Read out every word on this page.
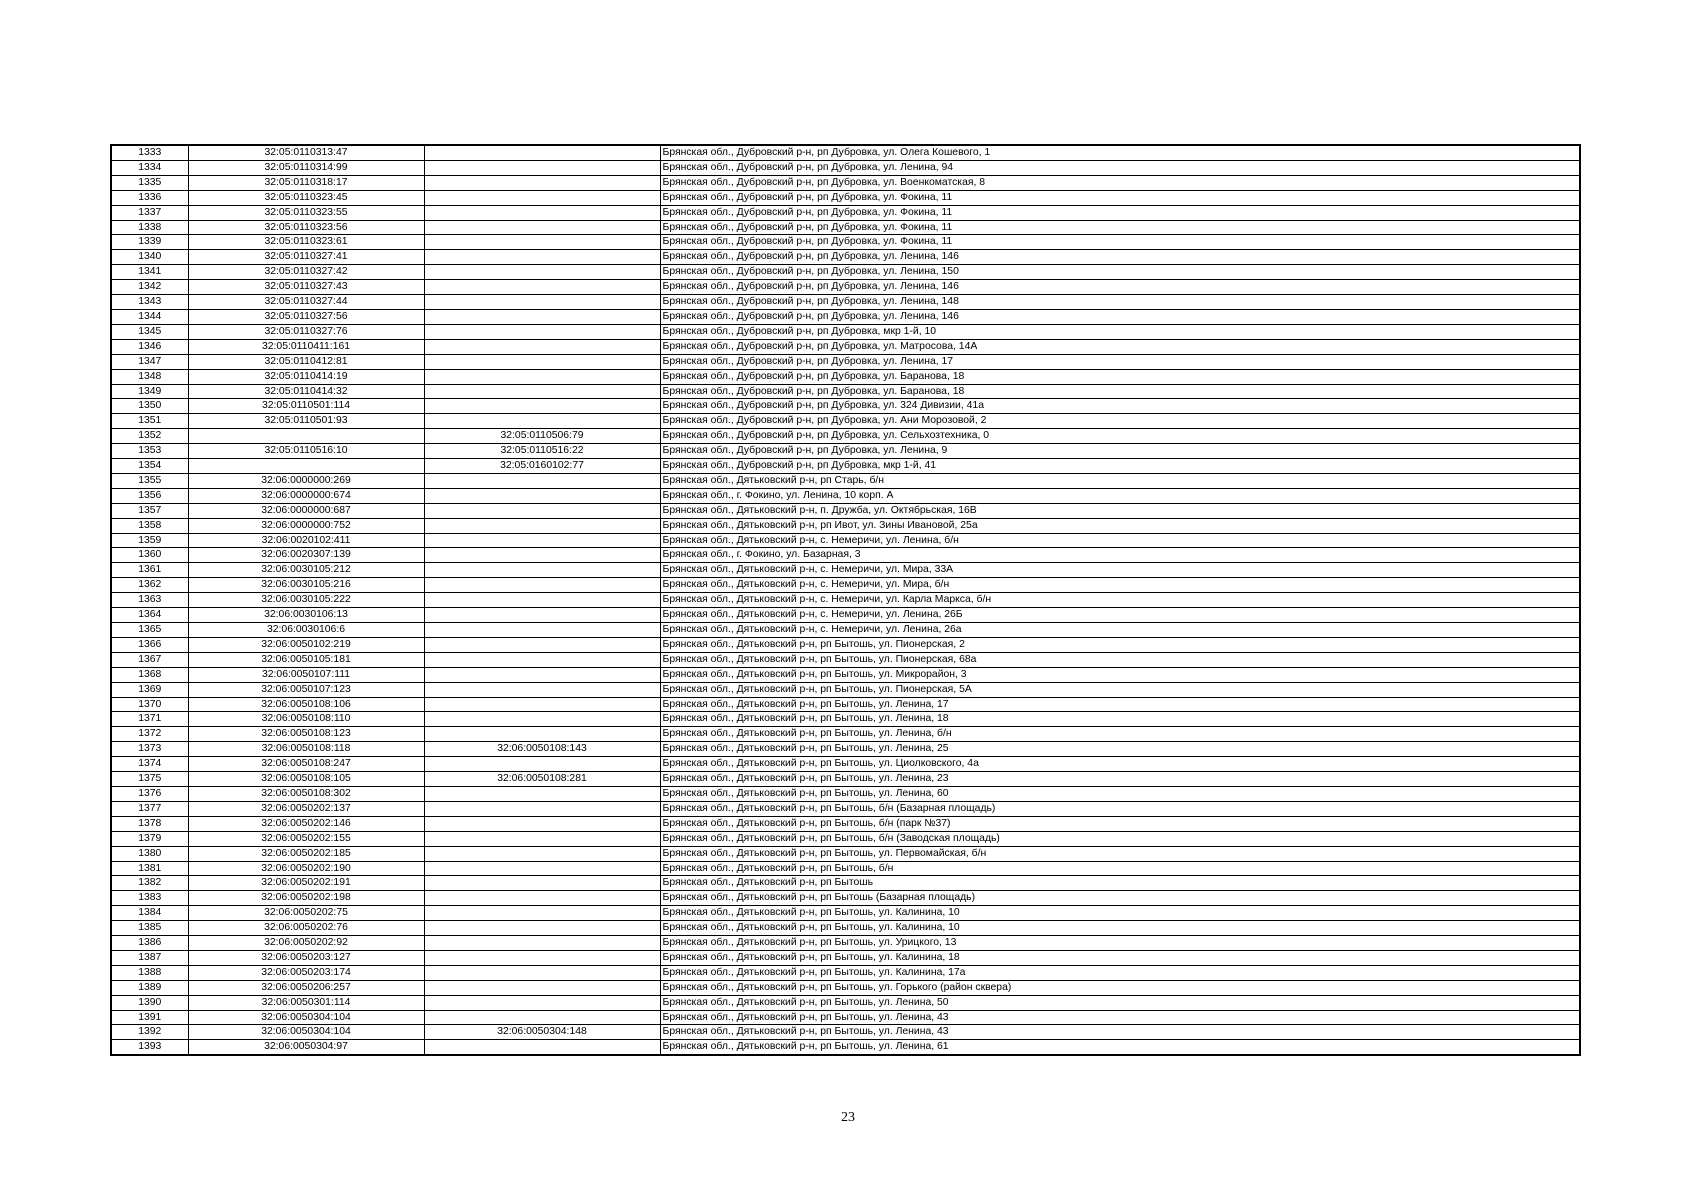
1333	32:05:0110313:47		Брянская обл., Дубровский р-н, рп Дубровка, ул. Олега Кошевого, 1
1334	32:05:0110314:99		Брянская обл., Дубровский р-н, рп Дубровка, ул. Ленина, 94
1335	32:05:0110318:17		Брянская обл., Дубровский р-н, рп Дубровка, ул. Военкоматская, 8
1336	32:05:0110323:45		Брянская обл., Дубровский р-н, рп Дубровка, ул. Фокина, 11
1337	32:05:0110323:55		Брянская обл., Дубровский р-н, рп Дубровка, ул. Фокина, 11
1338	32:05:0110323:56		Брянская обл., Дубровский р-н, рп Дубровка, ул. Фокина, 11
1339	32:05:0110323:61		Брянская обл., Дубровский р-н, рп Дубровка, ул. Фокина, 11
1340	32:05:0110327:41		Брянская обл., Дубровский р-н, рп Дубровка, ул. Ленина, 146
1341	32:05:0110327:42		Брянская обл., Дубровский р-н, рп Дубровка, ул. Ленина, 150
1342	32:05:0110327:43		Брянская обл., Дубровский р-н, рп Дубровка, ул. Ленина, 146
1343	32:05:0110327:44		Брянская обл., Дубровский р-н, рп Дубровка, ул. Ленина, 148
1344	32:05:0110327:56		Брянская обл., Дубровский р-н, рп Дубровка, ул. Ленина, 146
1345	32:05:0110327:76		Брянская обл., Дубровский р-н, рп Дубровка, мкр 1-й, 10
1346	32:05:0110411:161		Брянская обл., Дубровский р-н, рп Дубровка, ул. Матросова, 14А
1347	32:05:0110412:81		Брянская обл., Дубровский р-н, рп Дубровка, ул. Ленина, 17
1348	32:05:0110414:19		Брянская обл., Дубровский р-н, рп Дубровка, ул. Баранова, 18
1349	32:05:0110414:32		Брянская обл., Дубровский р-н, рп Дубровка, ул. Баранова, 18
1350	32:05:0110501:114		Брянская обл., Дубровский р-н, рп Дубровка, ул. 324 Дивизии, 41а
1351	32:05:0110501:93		Брянская обл., Дубровский р-н, рп Дубровка, ул. Ани Морозовой, 2
1352		32:05:0110506:79	Брянская обл., Дубровский р-н, рп Дубровка, ул. Сельхозтехника, 0
1353	32:05:0110516:10	32:05:0110516:22	Брянская обл., Дубровский р-н, рп Дубровка, ул. Ленина, 9
1354		32:05:0160102:77	Брянская обл., Дубровский р-н, рп Дубровка, мкр 1-й, 41
1355	32:06:0000000:269		Брянская обл., Дятьковский р-н, рп Старь, б/н
1356	32:06:0000000:674		Брянская обл., г. Фокино, ул. Ленина, 10 корп. А
1357	32:06:0000000:687		Брянская обл., Дятьковский р-н, п. Дружба, ул. Октябрьская, 16В
1358	32:06:0000000:752		Брянская обл., Дятьковский р-н, рп Ивот, ул. Зины Ивановой, 25а
1359	32:06:0020102:411		Брянская обл., Дятьковский р-н, с. Немеричи, ул. Ленина, б/н
1360	32:06:0020307:139		Брянская обл., г. Фокино, ул. Базарная, 3
1361	32:06:0030105:212		Брянская обл., Дятьковский р-н, с. Немеричи, ул. Мира, 33А
1362	32:06:0030105:216		Брянская обл., Дятьковский р-н, с. Немеричи, ул. Мира, б/н
1363	32:06:0030105:222		Брянская обл., Дятьковский р-н, с. Немеричи, ул. Карла Маркса, б/н
1364	32:06:0030106:13		Брянская обл., Дятьковский р-н, с. Немеричи, ул. Ленина, 26Б
1365	32:06:0030106:6		Брянская обл., Дятьковский р-н, с. Немеричи, ул. Ленина, 26а
1366	32:06:0050102:219		Брянская обл., Дятьковский р-н, рп Бытошь, ул. Пионерская, 2
1367	32:06:0050105:181		Брянская обл., Дятьковский р-н, рп Бытошь, ул. Пионерская, 68а
1368	32:06:0050107:111		Брянская обл., Дятьковский р-н, рп Бытошь, ул. Микрорайон, 3
1369	32:06:0050107:123		Брянская обл., Дятьковский р-н, рп Бытошь, ул. Пионерская, 5А
1370	32:06:0050108:106		Брянская обл., Дятьковский р-н, рп Бытошь, ул. Ленина, 17
1371	32:06:0050108:110		Брянская обл., Дятьковский р-н, рп Бытошь, ул. Ленина, 18
1372	32:06:0050108:123		Брянская обл., Дятьковский р-н, рп Бытошь, ул. Ленина, б/н
1373	32:06:0050108:118	32:06:0050108:143	Брянская обл., Дятьковский р-н, рп Бытошь, ул. Ленина, 25
1374	32:06:0050108:247		Брянская обл., Дятьковский р-н, рп Бытошь, ул. Циолковского, 4а
1375	32:06:0050108:105	32:06:0050108:281	Брянская обл., Дятьковский р-н, рп Бытошь, ул. Ленина, 23
1376	32:06:0050108:302		Брянская обл., Дятьковский р-н, рп Бытошь, ул. Ленина, 60
1377	32:06:0050202:137		Брянская обл., Дятьковский р-н, рп Бытошь, б/н (Базарная площадь)
1378	32:06:0050202:146		Брянская обл., Дятьковский р-н, рп Бытошь, б/н (парк №37)
1379	32:06:0050202:155		Брянская обл., Дятьковский р-н, рп Бытошь, б/н (Заводская площадь)
1380	32:06:0050202:185		Брянская обл., Дятьковский р-н, рп Бытошь, ул. Первомайская, б/н
1381	32:06:0050202:190		Брянская обл., Дятьковский р-н, рп Бытошь, б/н
1382	32:06:0050202:191		Брянская обл., Дятьковский р-н, рп Бытошь
1383	32:06:0050202:198		Брянская обл., Дятьковский р-н, рп Бытошь (Базарная площадь)
1384	32:06:0050202:75		Брянская обл., Дятьковский р-н, рп Бытошь, ул. Калинина, 10
1385	32:06:0050202:76		Брянская обл., Дятьковский р-н, рп Бытошь, ул. Калинина, 10
1386	32:06:0050202:92		Брянская обл., Дятьковский р-н, рп Бытошь, ул. Урицкого, 13
1387	32:06:0050203:127		Брянская обл., Дятьковский р-н, рп Бытошь, ул. Калинина, 18
1388	32:06:0050203:174		Брянская обл., Дятьковский р-н, рп Бытошь, ул. Калинина, 17а
1389	32:06:0050206:257		Брянская обл., Дятьковский р-н, рп Бытошь, ул. Горького (район сквера)
1390	32:06:0050301:114		Брянская обл., Дятьковский р-н, рп Бытошь, ул. Ленина, 50
1391	32:06:0050304:104		Брянская обл., Дятьковский р-н, рп Бытошь, ул. Ленина, 43
1392	32:06:0050304:104	32:06:0050304:148	Брянская обл., Дятьковский р-н, рп Бытошь, ул. Ленина, 43
1393	32:06:0050304:97		Брянская обл., Дятьковский р-н, рп Бытошь, ул. Ленина, 61
23
